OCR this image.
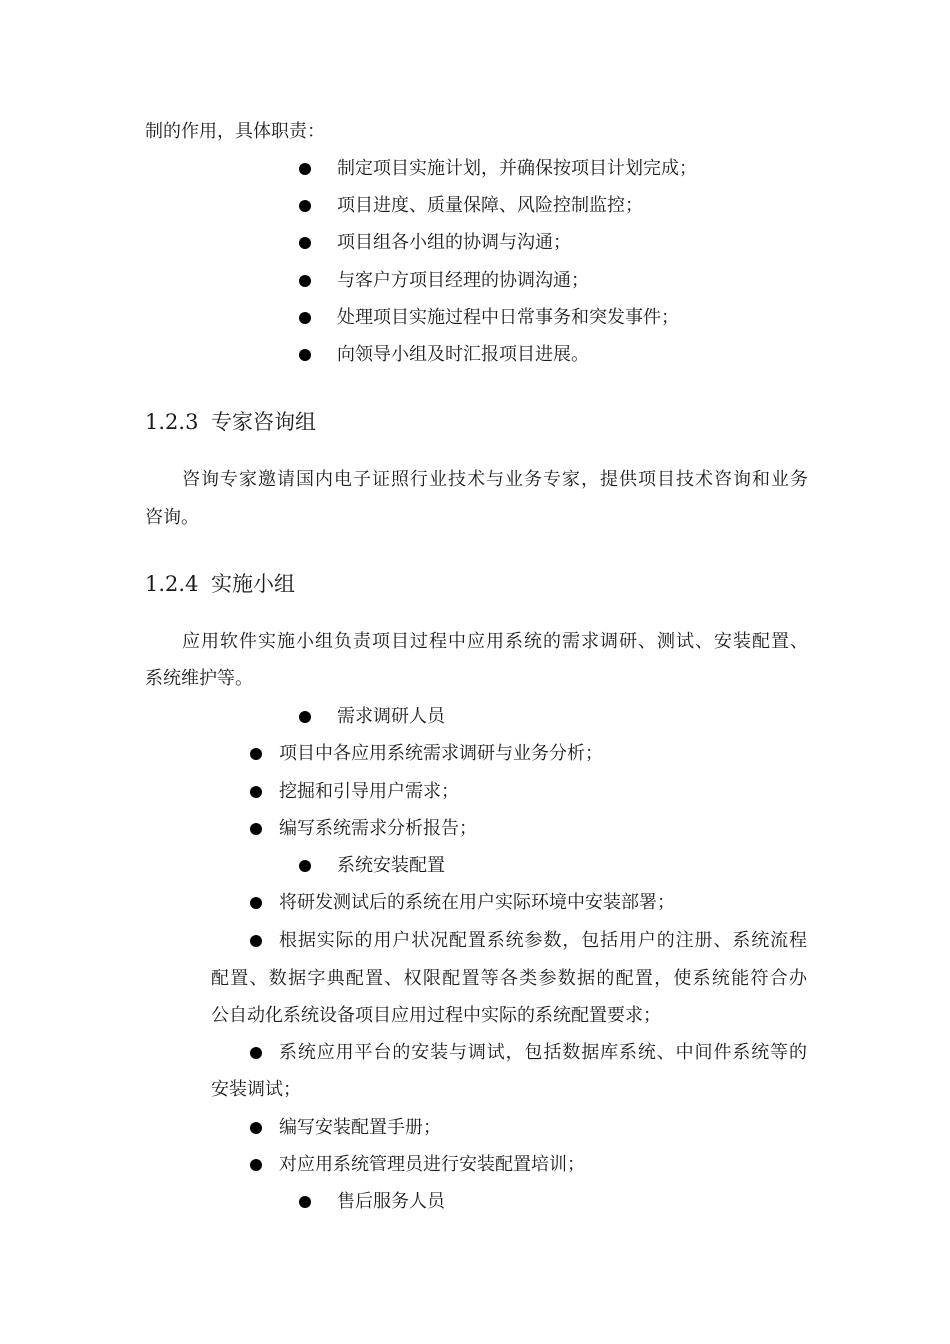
制的作用，具体职责：
制定项目实施计划，并确保按项目计划完成；
项目进度、质量保障、风险控制监控；
项目组各小组的协调与沟通；
与客户方项目经理的协调沟通；
处理项目实施过程中日常事务和突发事件；
向领导小组及时汇报项目进展。
1.2.3 专家咨询组
咨询专家邀请国内电子证照行业技术与业务专家，提供项目技术咨询和业务
咨询。
1.2.4 实施小组
应用软件实施小组负责项目过程中应用系统的需求调研、测试、安装配置、
系统维护等。
需求调研人员
项目中各应用系统需求调研与业务分析；
挖掘和引导用户需求；
编写系统需求分析报告；
系统安装配置
将研发测试后的系统在用户实际环境中安装部署；
根据实际的用户状况配置系统参数，包括用户的注册、系统流程
配置、数据字典配置、权限配置等各类参数据的配置，使系统能符合办
公自动化系统设备项目应用过程中实际的系统配置要求；
系统应用平台的安装与调试，包括数据库系统、中间件系统等的
安装调试；
编写安装配置手册；
对应用系统管理员进行安装配置培训；
售后服务人员
